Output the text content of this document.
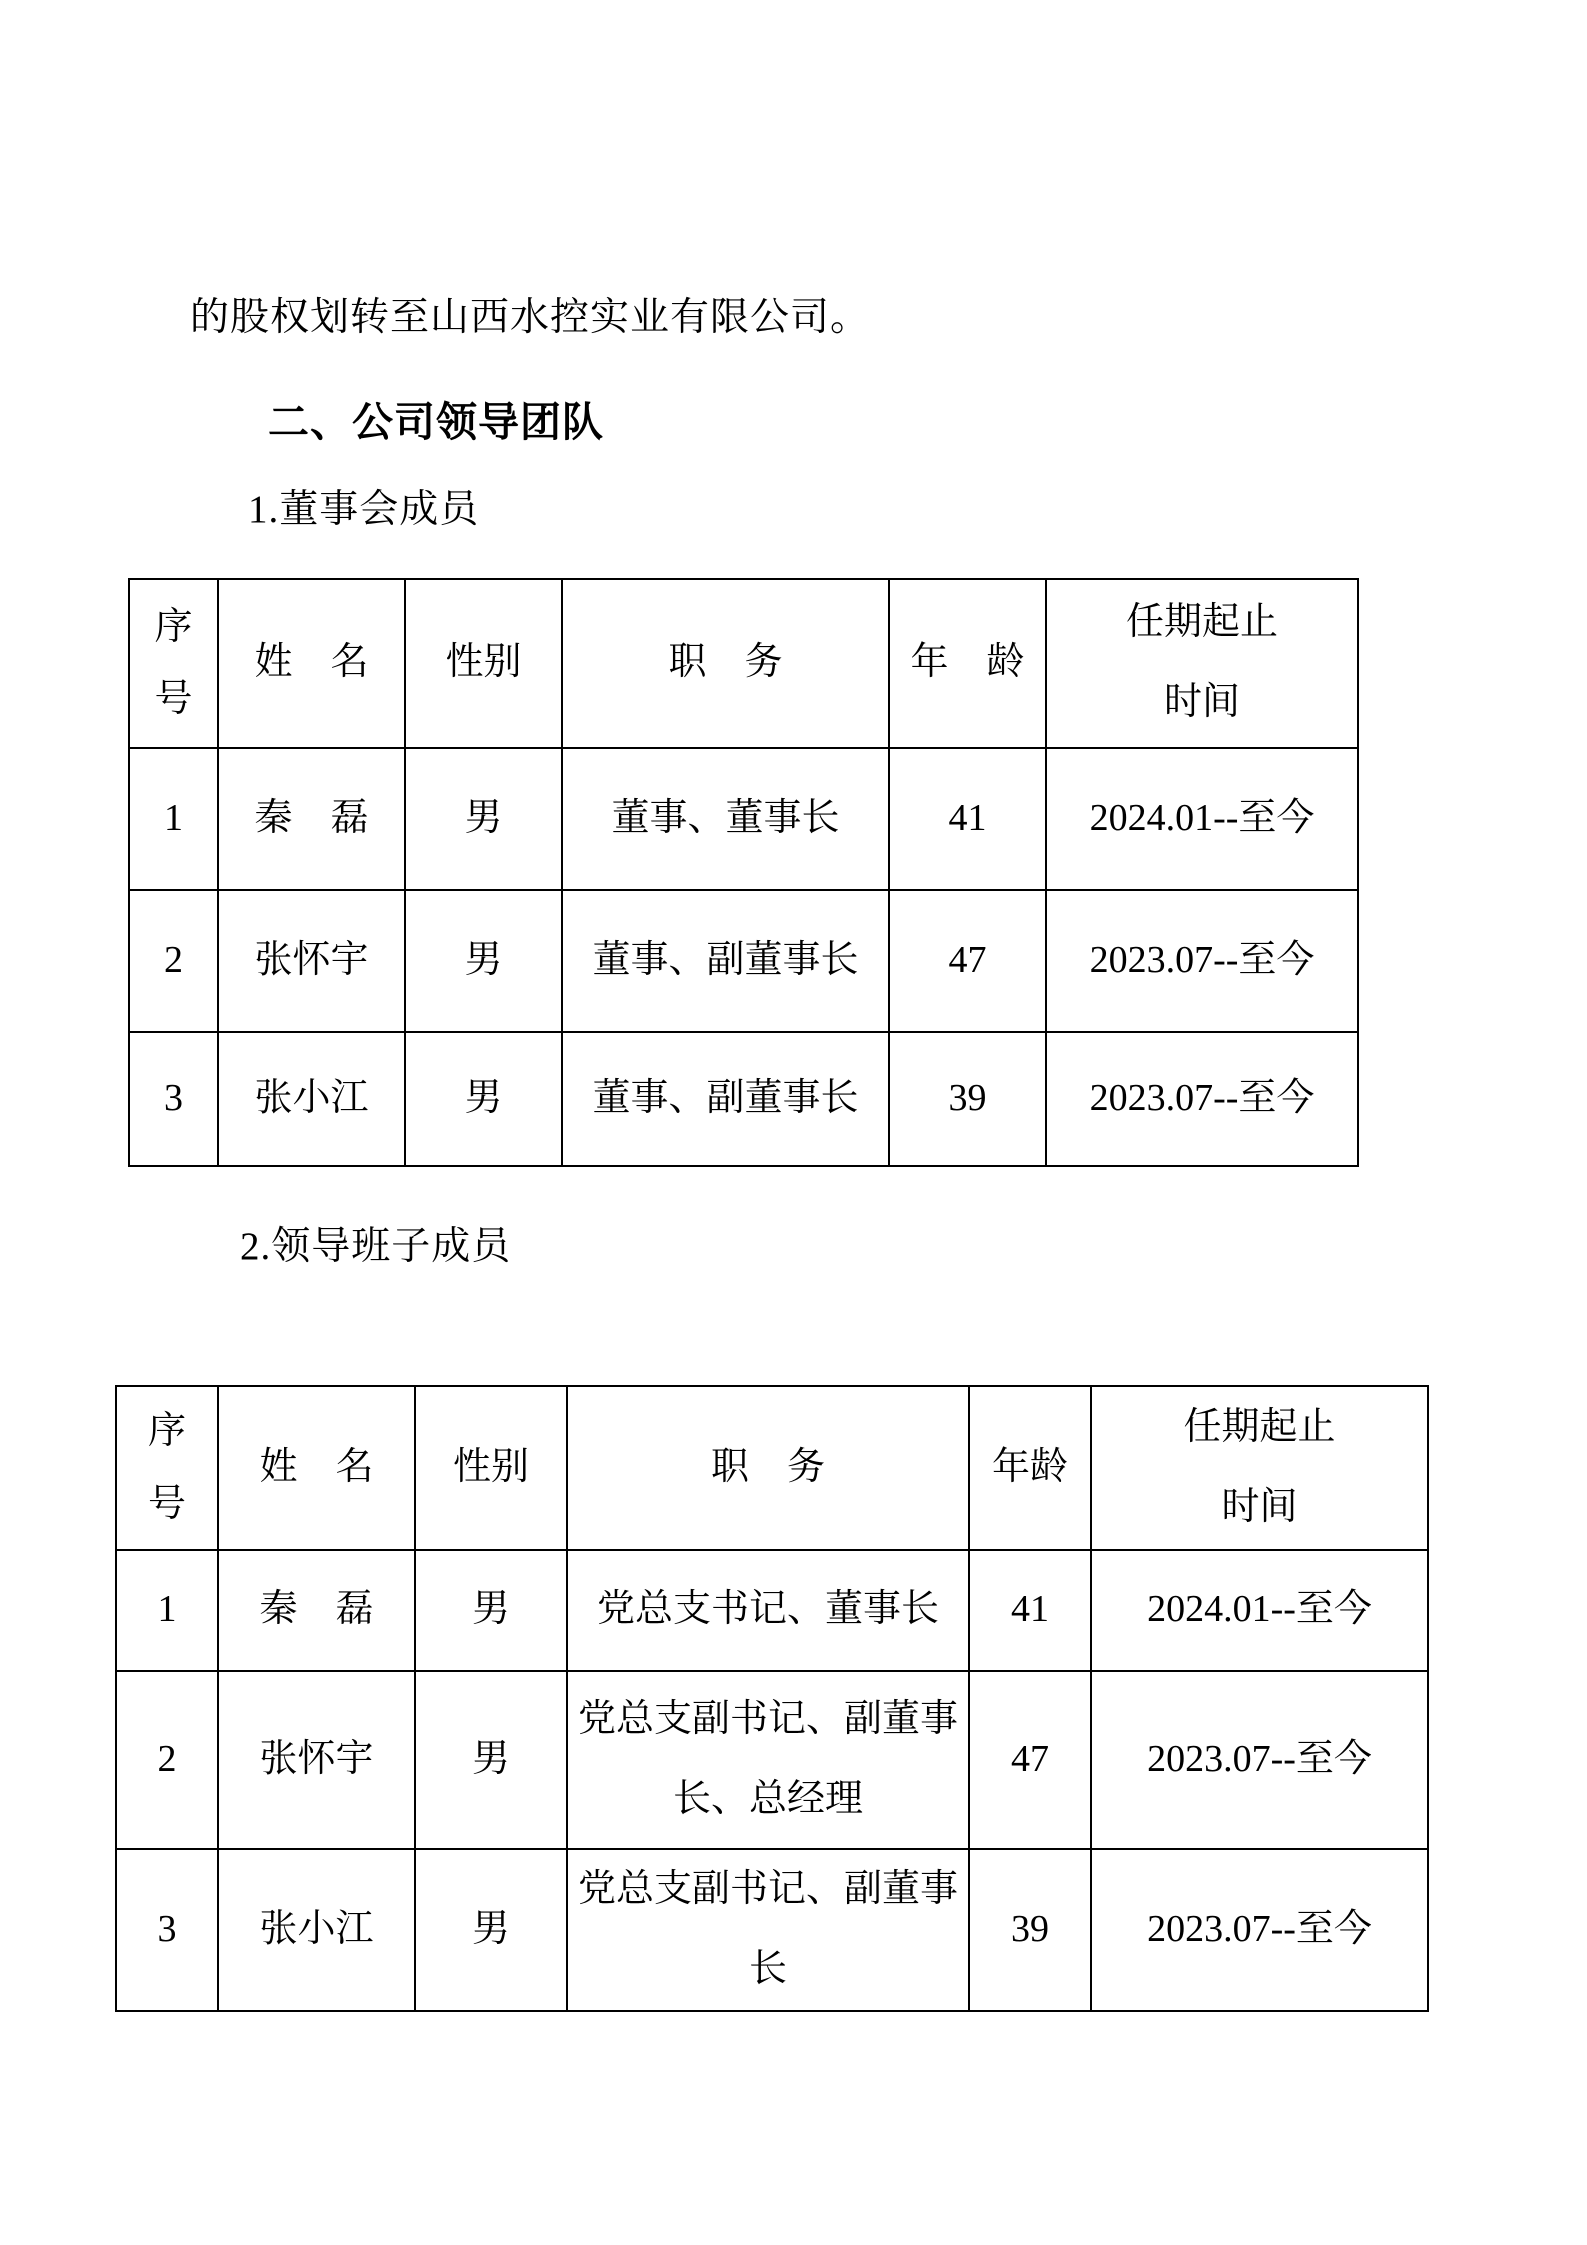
的股权划转至山西水控实业有限公司。

二、公司领导团队

1.董事会成员

序号	姓　名	性别	职　务	年　龄	任期起止时间
1	秦　磊	男	董事、董事长	41	2024.01--至今
2	张怀宇	男	董事、副董事长	47	2023.07--至今
3	张小江	男	董事、副董事长	39	2023.07--至今

2.领导班子成员

序号	姓　名	性别	职　务	年龄	任期起止时间
1	秦　磊	男	党总支书记、董事长	41	2024.01--至今
2	张怀宇	男	党总支副书记、副董事长、总经理	47	2023.07--至今
3	张小江	男	党总支副书记、副董事长	39	2023.07--至今
